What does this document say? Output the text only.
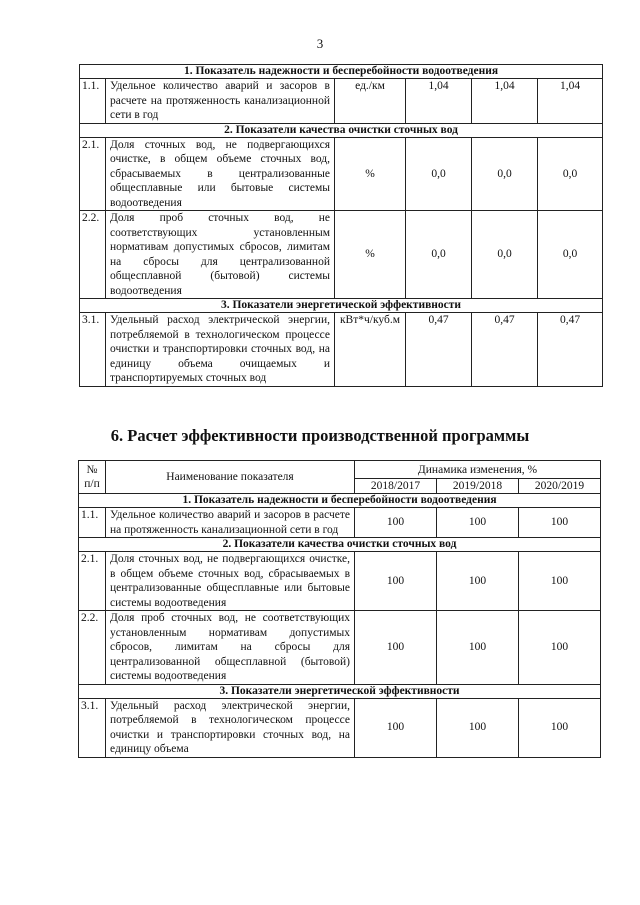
3
1. Показатель надежности и бесперебойности водоотведения					
1.1.	Удельное количество аварий и засоров в расчете на протяженность канализационной сети в год	ед./км	1,04	1,04	1,04
2. Показатели качества очистки сточных вод					
2.1.	Доля сточных вод, не подвергающихся очистке, в общем объеме сточных вод, сбрасываемых в централизованные общесплавные или бытовые системы водоотведения	%	0,0	0,0	0,0
2.2.	Доля проб сточных вод, не соответствующих установленным нормативам допустимых сбросов, лимитам на сбросы для централизованной общесплавной (бытовой) системы водоотведения	%	0,0	0,0	0,0
3. Показатели энергетической эффективности					
3.1.	Удельный расход электрической энергии, потребляемой в технологическом процессе очистки и транспортировки сточных вод, на единицу объема очищаемых и транспортируемых сточных вод	кВт*ч/куб.м	0,47	0,47	0,47
6. Расчет эффективности производственной программы
№
п/п	Наименование показателя	Динамика изменения, %		
		2018/2017	2019/2018	2020/2019
1. Показатель надежности и бесперебойности водоотведения				
1.1.	Удельное количество аварий и засоров в расчете на протяженность канализационной сети в год	100	100	100
2. Показатели качества очистки сточных вод				
2.1.	Доля сточных вод, не подвергающихся очистке, в общем объеме сточных вод, сбрасываемых в централизованные общесплавные или бытовые системы водоотведения	100	100	100
2.2.	Доля проб сточных вод, не соответствующих установленным нормативам допустимых сбросов, лимитам на сбросы для централизованной общесплавной (бытовой) системы водоотведения	100	100	100
3. Показатели энергетической эффективности				
3.1.	Удельный расход электрической энергии, потребляемой в технологическом процессе очистки и транспортировки сточных вод, на единицу объема	100	100	100
